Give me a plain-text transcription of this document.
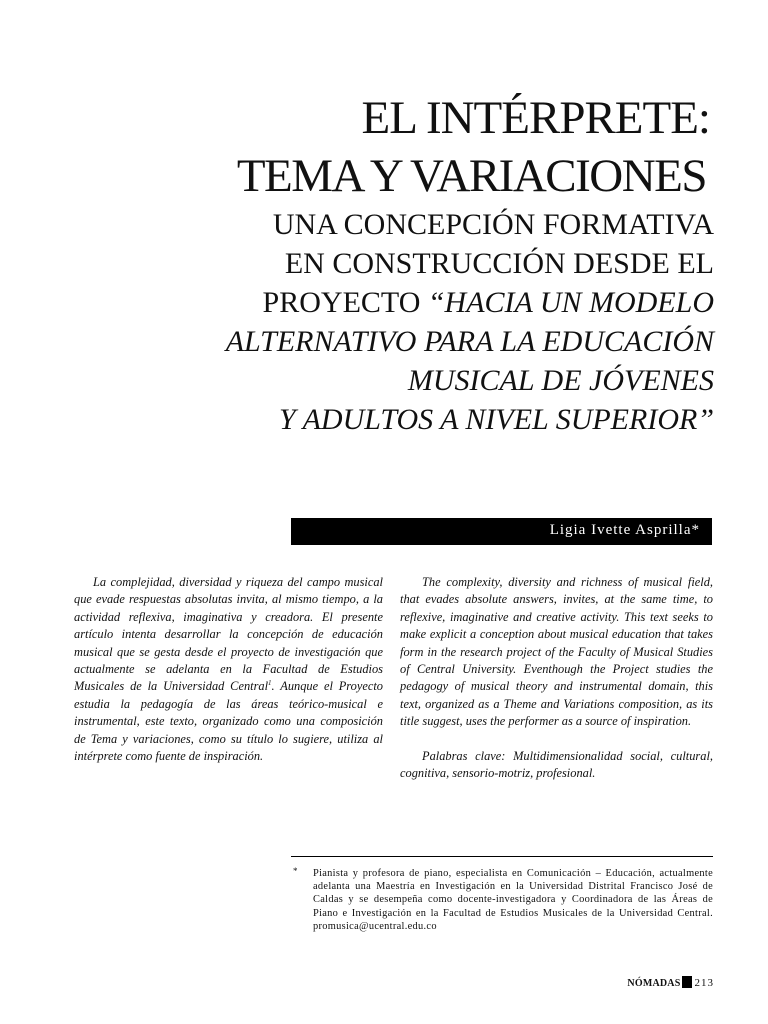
EL INTÉRPRETE:
TEMA Y VARIACIONES
UNA CONCEPCIÓN FORMATIVA
EN CONSTRUCCIÓN DESDE EL
PROYECTO “HACIA UN MODELO
ALTERNATIVO PARA LA EDUCACIÓN
MUSICAL DE JÓVENES
Y ADULTOS A NIVEL SUPERIOR”
Ligia Ivette Asprilla*
La complejidad, diversidad y riqueza del campo musical que evade respuestas absolutas invita, al mismo tiempo, a la actividad reflexiva, imaginativa y creadora. El presente artículo intenta desarrollar la concepción de educación musical que se gesta desde el proyecto de investigación que actualmente se adelanta en la Facultad de Estudios Musicales de la Universidad Central$^1$. Aunque el Proyecto estudia la pedagogía de las áreas teórico-musical e instrumental, este texto, organizado como una composición de Tema y variaciones, como su título lo sugiere, utiliza al intérprete como fuente de inspiración.

The complexity, diversity and richness of musical field, that evades absolute answers, invites, at the same time, to reflexive, imaginative and creative activity. This text seeks to make explicit a conception about musical education that takes form in the research project of the Faculty of Musical Studies of Central University. Eventhough the Project studies the pedagogy of musical theory and instrumental domain, this text, organized as a Theme and Variations composition, as its title suggest, uses the performer as a source of inspiration.

Palabras clave: Multidimensionalidad social, cultural, cognitiva, sensorio-motriz, profesional.

* Pianista y profesora de piano, especialista en Comunicación – Educación, actualmente adelanta una Maestría en Investigación en la Universidad Distrital Francisco José de Caldas y se desempeña como docente-investigadora y Coordinadora de las Áreas de Piano e Investigación en la Facultad de Estudios Musicales de la Universidad Central. promusica@ucentral.edu.co
NÓMADAS 213
